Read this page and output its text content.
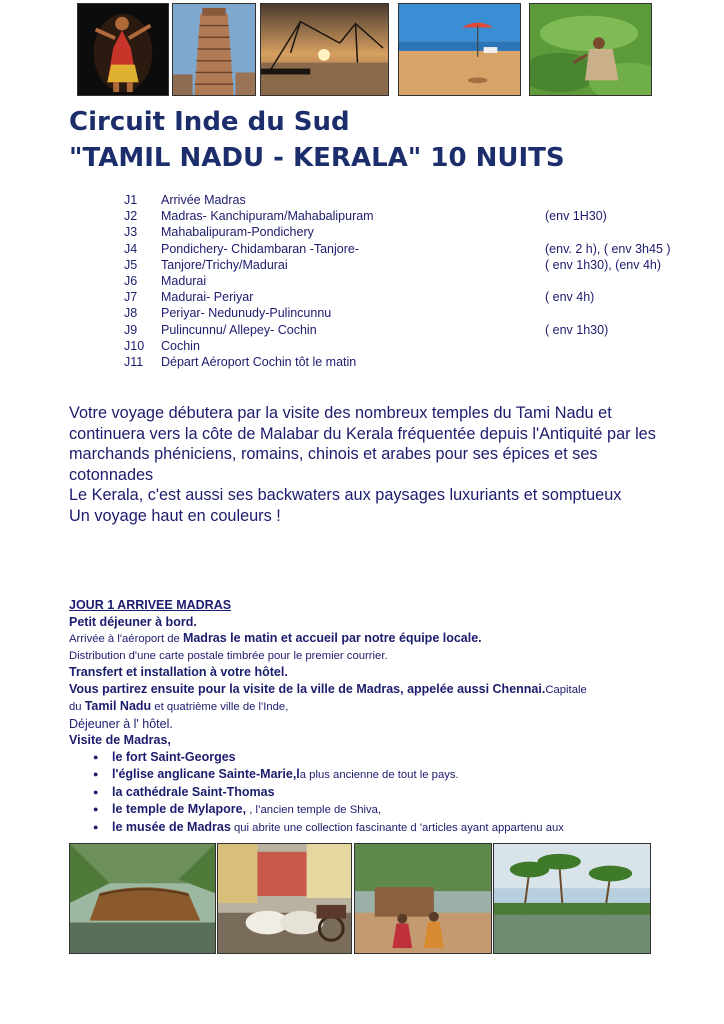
Circuit Inde du Sud
"TAMIL NADU - KERALA" 10 NUITS
J1 Arrivée Madras
J2 Madras- Kanchipuram/Mahabalipuram	(env 1H30)
J3 Mahabalipuram-Pondichery
J4 Pondichery- Chidambaran -Tanjore-	(env. 2 h), ( env 3h45 )
J5 Tanjore/Trichy/Madurai	( env 1h30), (env 4h)
J6 Madurai
J7 Madurai- Periyar	( env 4h)
J8 Periyar- Nedunudy-Pulincunnu
J9 Pulincunnu/ Allepey- Cochin	( env 1h30)
J10 Cochin
J11 Départ Aéroport Cochin tôt le matin

Votre voyage débutera par la visite des nombreux temples du Tami Nadu et continuera vers la côte de Malabar du Kerala fréquentée depuis l'Antiquité par les marchands phéniciens, romains, chinois et arabes pour ses épices et ses cotonnades

Le Kerala, c'est aussi ses backwaters aux paysages luxuriants et somptueux

Un voyage haut en couleurs !

JOUR 1 ARRIVEE MADRAS
Petit déjeuner à bord.
Arrivée à l'aéroport de Madras le matin et accueil par notre équipe locale.
Distribution d'une carte postale timbrée pour le premier courrier.
Transfert et installation à votre hôtel.
Vous partirez ensuite pour la visite de la ville de Madras, appelée aussi Chennai.Capitale
du Tamil Nadu et quatrième ville de l'Inde,
Déjeuner à l' hôtel.
Visite de Madras,
● le fort Saint-Georges
● l'église anglicane Sainte-Marie,la plus ancienne de tout le pays.
● la cathédrale Saint-Thomas
● le temple de Mylapore, , l’ancien temple de Shiva,
● le musée de Madras qui abrite une collection fascinante d 'articles ayant appartenu aux
